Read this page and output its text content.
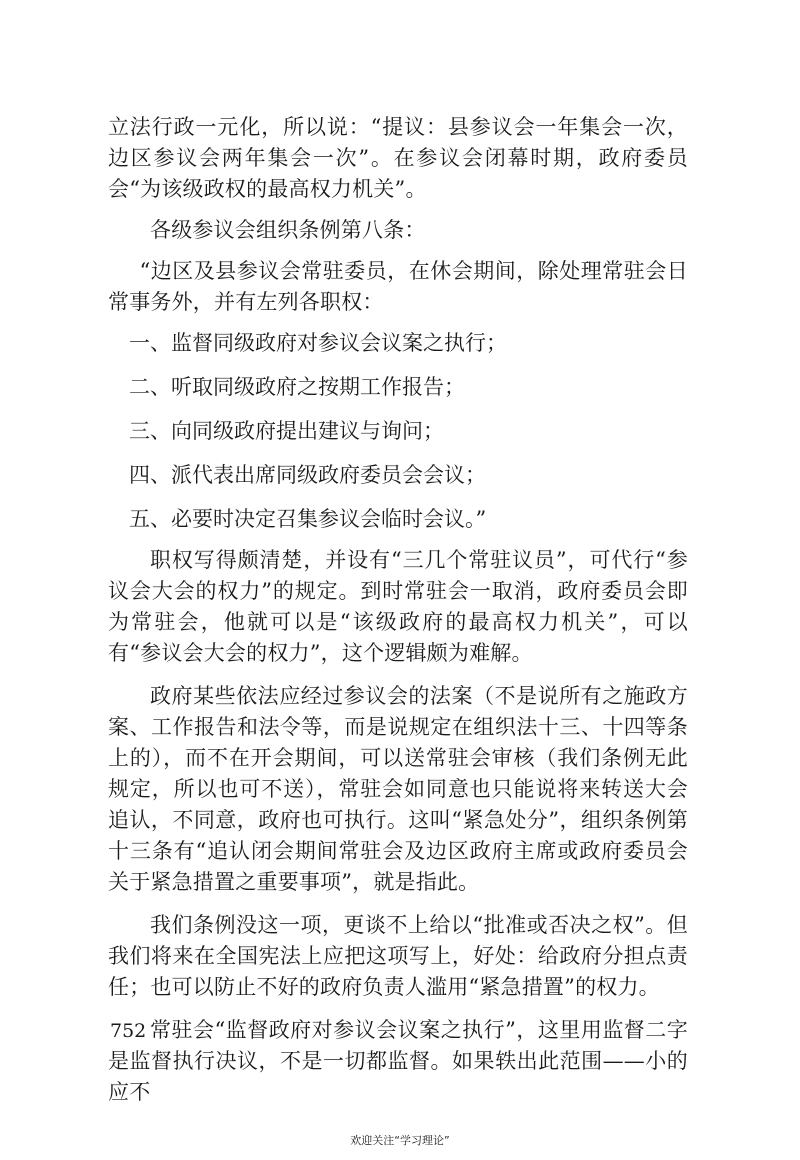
立法行政一元化，所以说：“提议：县参议会一年集会一次，边区参议会两年集会一次”。在参议会闭幕时期，政府委员会“为该级政权的最高权力机关”。

各级参议会组织条例第八条：

“边区及县参议会常驻委员，在休会期间，除处理常驻会日常事务外，并有左列各职权：

一、监督同级政府对参议会议案之执行；

二、听取同级政府之按期工作报告；

三、向同级政府提出建议与询问；

四、派代表出席同级政府委员会会议；

五、必要时决定召集参议会临时会议。”

职权写得颇清楚，并设有“三几个常驻议员”，可代行“参议会大会的权力”的规定。到时常驻会一取消，政府委员会即为常驻会，他就可以是“该级政府的最高权力机关”，可以有“参议会大会的权力”，这个逻辑颇为难解。

政府某些依法应经过参议会的法案（不是说所有之施政方案、工作报告和法令等，而是说规定在组织法十三、十四等条上的），而不在开会期间，可以送常驻会审核（我们条例无此规定，所以也可不送），常驻会如同意也只能说将来转送大会追认，不同意，政府也可执行。这叫“紧急处分”，组织条例第十三条有“追认闭会期间常驻会及边区政府主席或政府委员会关于紧急措置之重要事项”，就是指此。

我们条例没这一项，更谈不上给以“批准或否决之权”。但我们将来在全国宪法上应把这项写上，好处：给政府分担点责任；也可以防止不好的政府负责人滥用“紧急措置”的权力。

常驻会“监督政府对参议会议案之执行”，这里用监督二字是监督执行决议，不是一切都监督。如果轶出此范围——小的应不

752
欢迎关注“学习理论”
